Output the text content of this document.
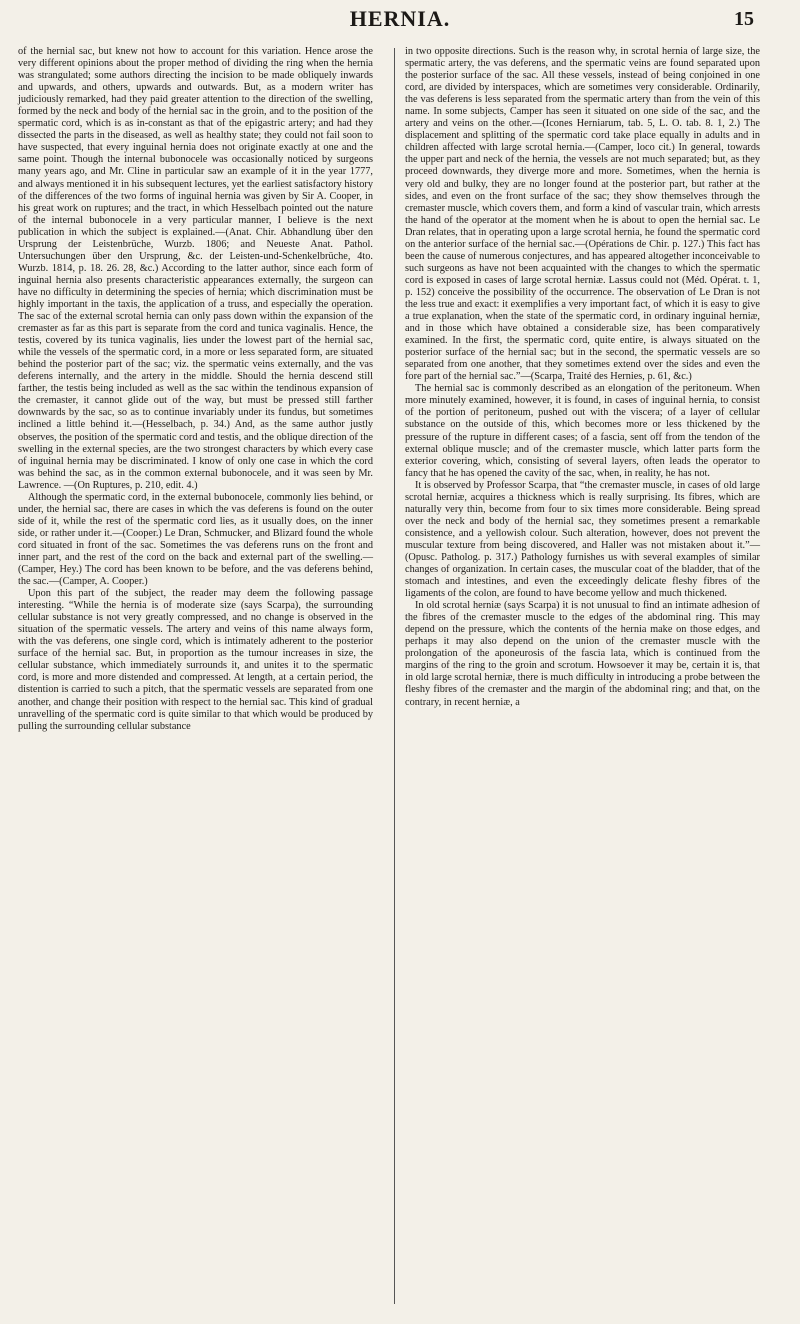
HERNIA.	15

of the hernial sac, but knew not how to account for this variation. Hence arose the very different opinions about the proper method of dividing the ring when the hernia was strangulated; some authors directing the incision to be made obliquely inwards and upwards, and others, upwards and outwards. But, as a modern writer has judiciously remarked, had they paid greater attention to the direction of the swelling, formed by the neck and body of the hernial sac in the groin, and to the position of the spermatic cord, which is as in-constant as that of the epigastric artery; and had they dissected the parts in the diseased, as well as healthy state; they could not fail soon to have suspected, that every inguinal hernia does not originate exactly at one and the same point. Though the internal bubonocele was occasionally noticed by surgeons many years ago, and Mr. Cline in particular saw an example of it in the year 1777, and always mentioned it in his subsequent lectures, yet the earliest satisfactory history of the differences of the two forms of inguinal hernia was given by Sir A. Cooper, in his great work on ruptures; and the tract, in which Hesselbach pointed out the nature of the internal bubonocele in a very particular manner, I believe is the next publication in which the subject is explained.—(Anat. Chir. Abhandlung über den Ursprung der Leistenbrüche, Wurzb. 1806; and Neueste Anat. Pathol. Untersuchungen über den Ursprung, &c. der Leisten-und-Schenkelbrüche, 4to. Wurzb. 1814, p. 18. 26. 28, &c.) According to the latter author, since each form of inguinal hernia also presents characteristic appearances externally, the surgeon can have no difficulty in determining the species of hernia; which discrimination must be highly important in the taxis, the application of a truss, and especially the operation. The sac of the external scrotal hernia can only pass down within the expansion of the cremaster as far as this part is separate from the cord and tunica vaginalis. Hence, the testis, covered by its tunica vaginalis, lies under the lowest part of the hernial sac, while the vessels of the spermatic cord, in a more or less separated form, are situated behind the posterior part of the sac; viz. the spermatic veins externally, and the vas deferens internally, and the artery in the middle. Should the hernia descend still farther, the testis being included as well as the sac within the tendinous expansion of the cremaster, it cannot glide out of the way, but must be pressed still farther downwards by the sac, so as to continue invariably under its fundus, but sometimes inclined a little behind it.—(Hesselbach, p. 34.) And, as the same author justly observes, the position of the spermatic cord and testis, and the oblique direction of the swelling in the external species, are the two strongest characters by which every case of inguinal hernia may be discriminated. I know of only one case in which the cord was behind the sac, as in the common external bubonocele, and it was seen by Mr. Lawrence. —(On Ruptures, p. 210, edit. 4.)

Although the spermatic cord, in the external bubonocele, commonly lies behind, or under, the hernial sac, there are cases in which the vas deferens is found on the outer side of it, while the rest of the spermatic cord lies, as it usually does, on the inner side, or rather under it.—(Cooper.) Le Dran, Schmucker, and Blizard found the whole cord situated in front of the sac. Sometimes the vas deferens runs on the front and inner part, and the rest of the cord on the back and external part of the swelling.—(Camper, Hey.) The cord has been known to be before, and the vas deferens behind, the sac.—(Camper, A. Cooper.)

Upon this part of the subject, the reader may deem the following passage interesting. “While the hernia is of moderate size (says Scarpa), the surrounding cellular substance is not very greatly compressed, and no change is observed in the situation of the spermatic vessels. The artery and veins of this name always form, with the vas deferens, one single cord, which is intimately adherent to the posterior surface of the hernial sac. But, in proportion as the tumour increases in size, the cellular substance, which immediately surrounds it, and unites it to the spermatic cord, is more and more distended and compressed. At length, at a certain period, the distention is carried to such a pitch, that the spermatic vessels are separated from one another, and change their position with respect to the hernial sac. This kind of gradual unravelling of the spermatic cord is quite similar to that which would be produced by pulling the surrounding cellular substance

in two opposite directions. Such is the reason why, in scrotal hernia of large size, the spermatic artery, the vas deferens, and the spermatic veins are found separated upon the posterior surface of the sac. All these vessels, instead of being conjoined in one cord, are divided by interspaces, which are sometimes very considerable. Ordinarily, the vas deferens is less separated from the spermatic artery than from the vein of this name. In some subjects, Camper has seen it situated on one side of the sac, and the artery and veins on the other.—(Icones Herniarum, tab. 5, L. O. tab. 8. 1, 2.) The displacement and splitting of the spermatic cord take place equally in adults and in children affected with large scrotal hernia.—(Camper, loco cit.) In general, towards the upper part and neck of the hernia, the vessels are not much separated; but, as they proceed downwards, they diverge more and more. Sometimes, when the hernia is very old and bulky, they are no longer found at the posterior part, but rather at the sides, and even on the front surface of the sac; they show themselves through the cremaster muscle, which covers them, and form a kind of vascular train, which arrests the hand of the operator at the moment when he is about to open the hernial sac. Le Dran relates, that in operating upon a large scrotal hernia, he found the spermatic cord on the anterior surface of the hernial sac.—(Opérations de Chir. p. 127.) This fact has been the cause of numerous conjectures, and has appeared altogether inconceivable to such surgeons as have not been acquainted with the changes to which the spermatic cord is exposed in cases of large scrotal herniæ. Lassus could not (Méd. Opérat. t. 1, p. 152) conceive the possibility of the occurrence. The observation of Le Dran is not the less true and exact: it exemplifies a very important fact, of which it is easy to give a true explanation, when the state of the spermatic cord, in ordinary inguinal herniæ, and in those which have obtained a considerable size, has been comparatively examined. In the first, the spermatic cord, quite entire, is always situated on the posterior surface of the hernial sac; but in the second, the spermatic vessels are so separated from one another, that they sometimes extend over the sides and even the fore part of the hernial sac.”—(Scarpa, Traité des Hernies, p. 61, &c.)

The hernial sac is commonly described as an elongation of the peritoneum. When more minutely examined, however, it is found, in cases of inguinal hernia, to consist of the portion of peritoneum, pushed out with the viscera; of a layer of cellular substance on the outside of this, which becomes more or less thickened by the pressure of the rupture in different cases; of a fascia, sent off from the tendon of the external oblique muscle; and of the cremaster muscle, which latter parts form the exterior covering, which, consisting of several layers, often leads the operator to fancy that he has opened the cavity of the sac, when, in reality, he has not.

It is observed by Professor Scarpa, that “the cremaster muscle, in cases of old large scrotal herniæ, acquires a thickness which is really surprising. Its fibres, which are naturally very thin, become from four to six times more considerable. Being spread over the neck and body of the hernial sac, they sometimes present a remarkable consistence, and a yellowish colour. Such alteration, however, does not prevent the muscular texture from being discovered, and Haller was not mistaken about it.”—(Opusc. Patholog. p. 317.) Pathology furnishes us with several examples of similar changes of organization. In certain cases, the muscular coat of the bladder, that of the stomach and intestines, and even the exceedingly delicate fleshy fibres of the ligaments of the colon, are found to have become yellow and much thickened.

In old scrotal herniæ (says Scarpa) it is not unusual to find an intimate adhesion of the fibres of the cremaster muscle to the edges of the abdominal ring. This may depend on the pressure, which the contents of the hernia make on those edges, and perhaps it may also depend on the union of the cremaster muscle with the prolongation of the aponeurosis of the fascia lata, which is continued from the margins of the ring to the groin and scrotum. Howsoever it may be, certain it is, that in old large scrotal herniæ, there is much difficulty in introducing a probe between the fleshy fibres of the cremaster and the margin of the abdominal ring; and that, on the contrary, in recent herniæ, a
